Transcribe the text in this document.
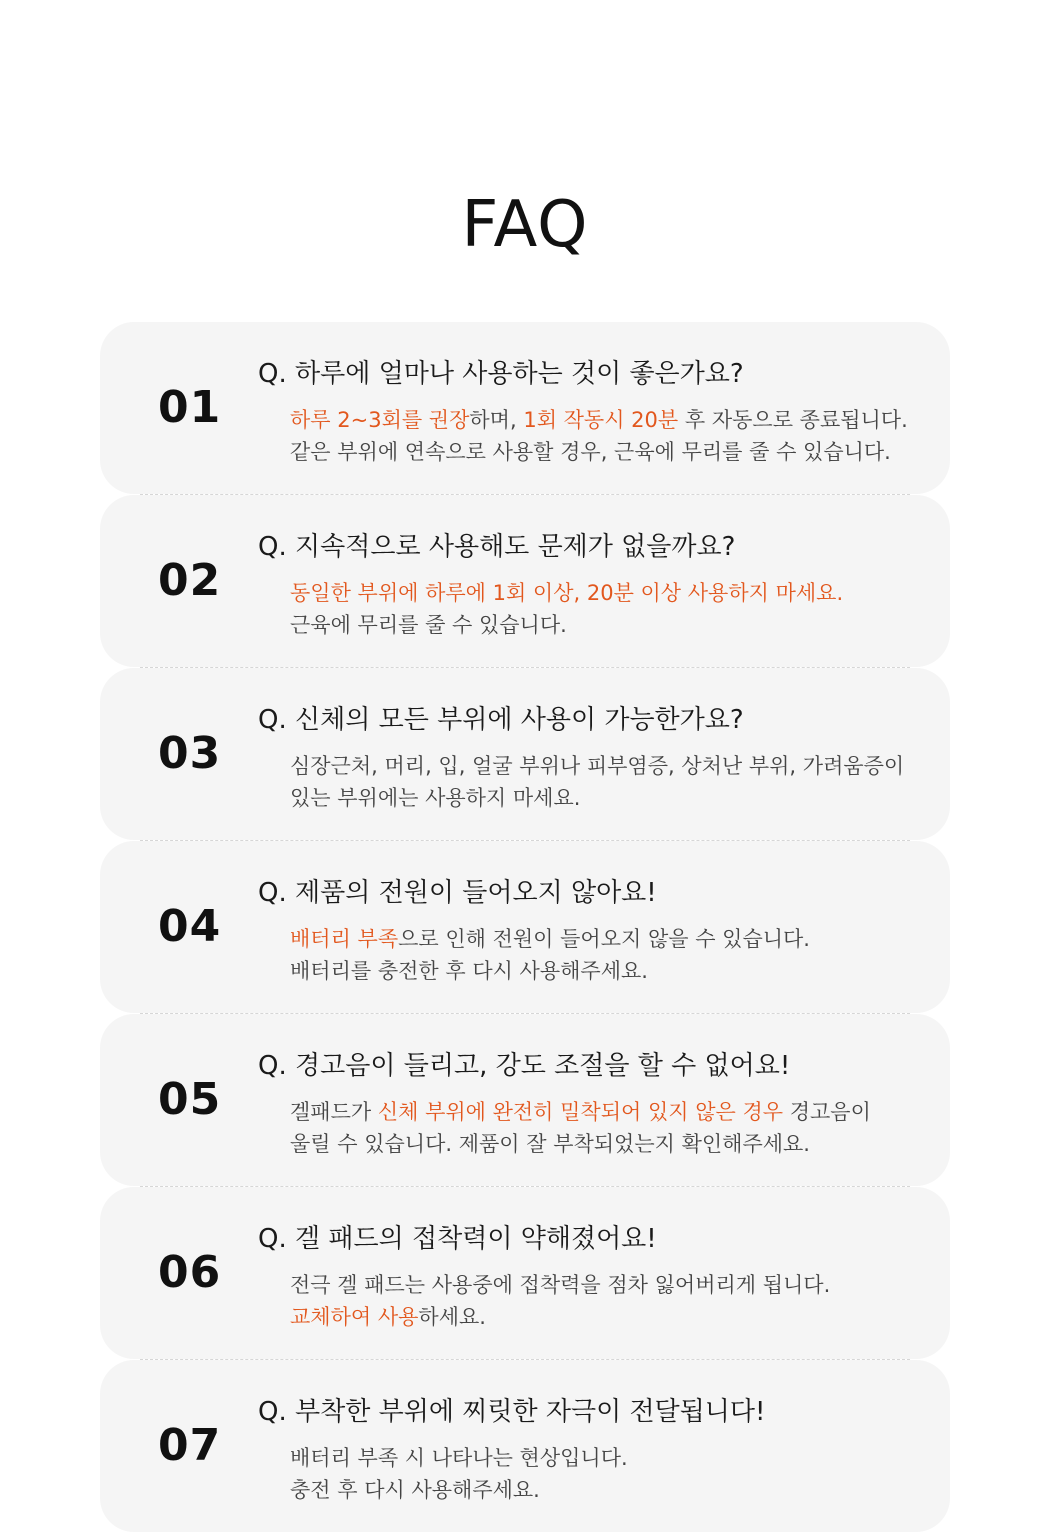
FAQ
01
Q. 하루에 얼마나 사용하는 것이 좋은가요?
하루 2~3회를 권장하며, 1회 작동시 20분 후 자동으로 종료됩니다.
같은 부위에 연속으로 사용할 경우, 근육에 무리를 줄 수 있습니다.
02
Q. 지속적으로 사용해도 문제가 없을까요?
동일한 부위에 하루에 1회 이상, 20분 이상 사용하지 마세요.
근육에 무리를 줄 수 있습니다.
03
Q. 신체의 모든 부위에 사용이 가능한가요?
심장근처, 머리, 입, 얼굴 부위나 피부염증, 상처난 부위, 가려움증이
있는 부위에는 사용하지 마세요.
04
Q. 제품의 전원이 들어오지 않아요!
배터리 부족으로 인해 전원이 들어오지 않을 수 있습니다.
배터리를 충전한 후 다시 사용해주세요.
05
Q. 경고음이 들리고, 강도 조절을 할 수 없어요!
겔패드가 신체 부위에 완전히 밀착되어 있지 않은 경우 경고음이
울릴 수 있습니다. 제품이 잘 부착되었는지 확인해주세요.
06
Q. 겔 패드의 접착력이 약해졌어요!
전극 겔 패드는 사용중에 접착력을 점차 잃어버리게 됩니다.
교체하여 사용하세요.
07
Q. 부착한 부위에 찌릿한 자극이 전달됩니다!
배터리 부족 시 나타나는 현상입니다.
충전 후 다시 사용해주세요.
